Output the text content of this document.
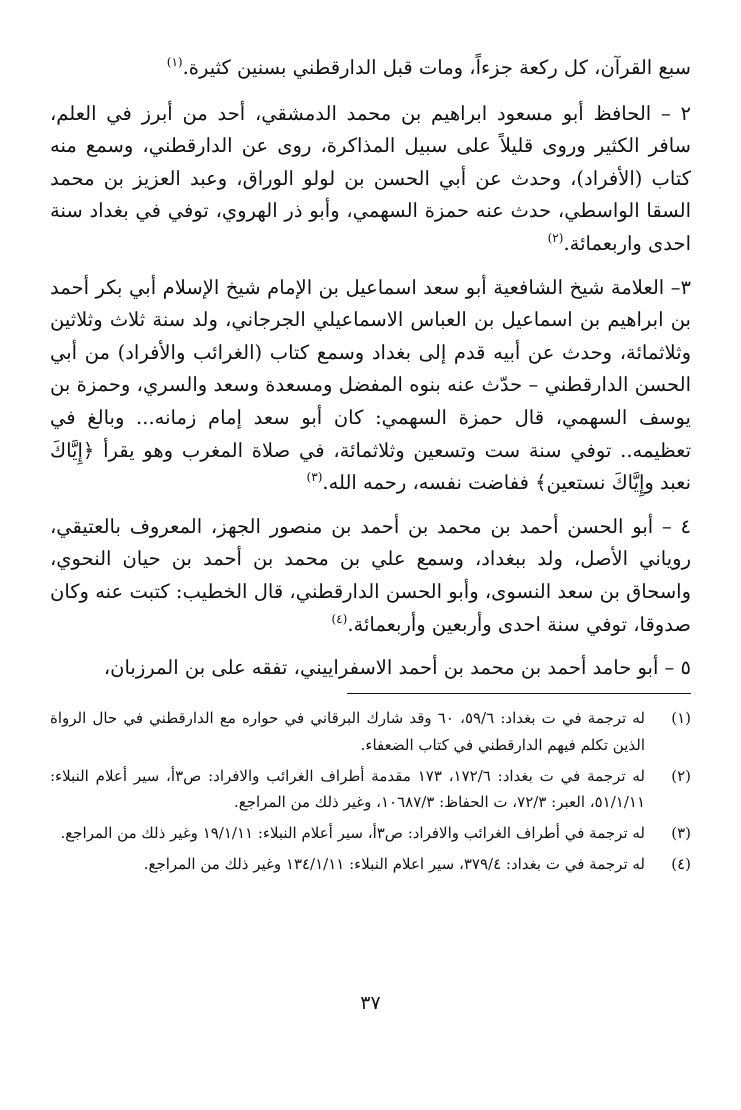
سبع القرآن، كل ركعة جزءاً، ومات قبل الدارقطني بسنين كثيرة.$^{(١)}$

٢ – الحافظ أبو مسعود ابراهيم بن محمد الدمشقي، أحد من أبرز في العلم، سافر الكثير وروى قليلاً على سبيل المذاكرة، روى عن الدارقطني، وسمع منه كتاب (الأفراد)، وحدث عن أبي الحسن بن لولو الوراق، وعبد العزيز بن محمد السقا الواسطي، حدث عنه حمزة السهمي، وأبو ذر الهروي، توفي في بغداد سنة احدى واربعمائة.$^{(٢)}$

٣– العلامة شيخ الشافعية أبو سعد اسماعيل بن الإمام شيخ الإسلام أبي بكر أحمد بن ابراهيم بن اسماعيل بن العباس الاسماعيلي الجرجاني، ولد سنة ثلاث وثلاثين وثلاثمائة، وحدث عن أبيه قدم إلى بغداد وسمع كتاب (الغرائب والأفراد) من أبي الحسن الدارقطني – حدّث عنه بنوه المفضل ومسعدة وسعد والسري، وحمزة بن يوسف السهمي، قال حمزة السهمي: كان أبو سعد إمام زمانه... وبالغ في تعظيمه.. توفي سنة ست وتسعين وثلاثمائة، في صلاة المغرب وهو يقرأ ﴿إِيَّاكَ نعبد وإِيَّاكَ نستعين﴾ ففاضت نفسه، رحمه الله.$^{(٣)}$

٤ – أبو الحسن أحمد بن محمد بن أحمد بن منصور الجهز، المعروف بالعتيقي، روياني الأصل، ولد ببغداد، وسمع علي بن محمد بن أحمد بن حيان النحوي، واسحاق بن سعد النسوى، وأبو الحسن الدارقطني، قال الخطيب: كتبت عنه وكان صدوقا، توفي سنة احدى وأربعين وأربعمائة.$^{(٤)}$

٥ – أبو حامد أحمد بن محمد بن أحمد الاسفراييني، تفقه على بن المرزبان،

(١)
له ترجمة في ت بغداد: ٥٩/٦، ٦٠ وقد شارك البرقاني في حواره مع الدارقطني في حال الرواة الذين تكلم فيهم الدارقطني في كتاب الضعفاء.
(٢)
له ترجمة في ت بغداد: ١٧٢/٦، ١٧٣ مقدمة أطراف الغرائب والافراد: ص٣أ، سير أعلام النبلاء: ٥١/١/١١، العبر: ٧٢/٣، ت الحفاظ: ١٠٦٨٧/٣، وغير ذلك من المراجع.
(٣)
له ترجمة في أطراف الغرائب والافراد: ص٣أ، سير أعلام النبلاء: ١٩/١/١١ وغير ذلك من المراجع.
(٤)
له ترجمة في ت بغداد: ٣٧٩/٤، سير اعلام النبلاء: ١٣٤/١/١١ وغير ذلك من المراجع.
٣٧
